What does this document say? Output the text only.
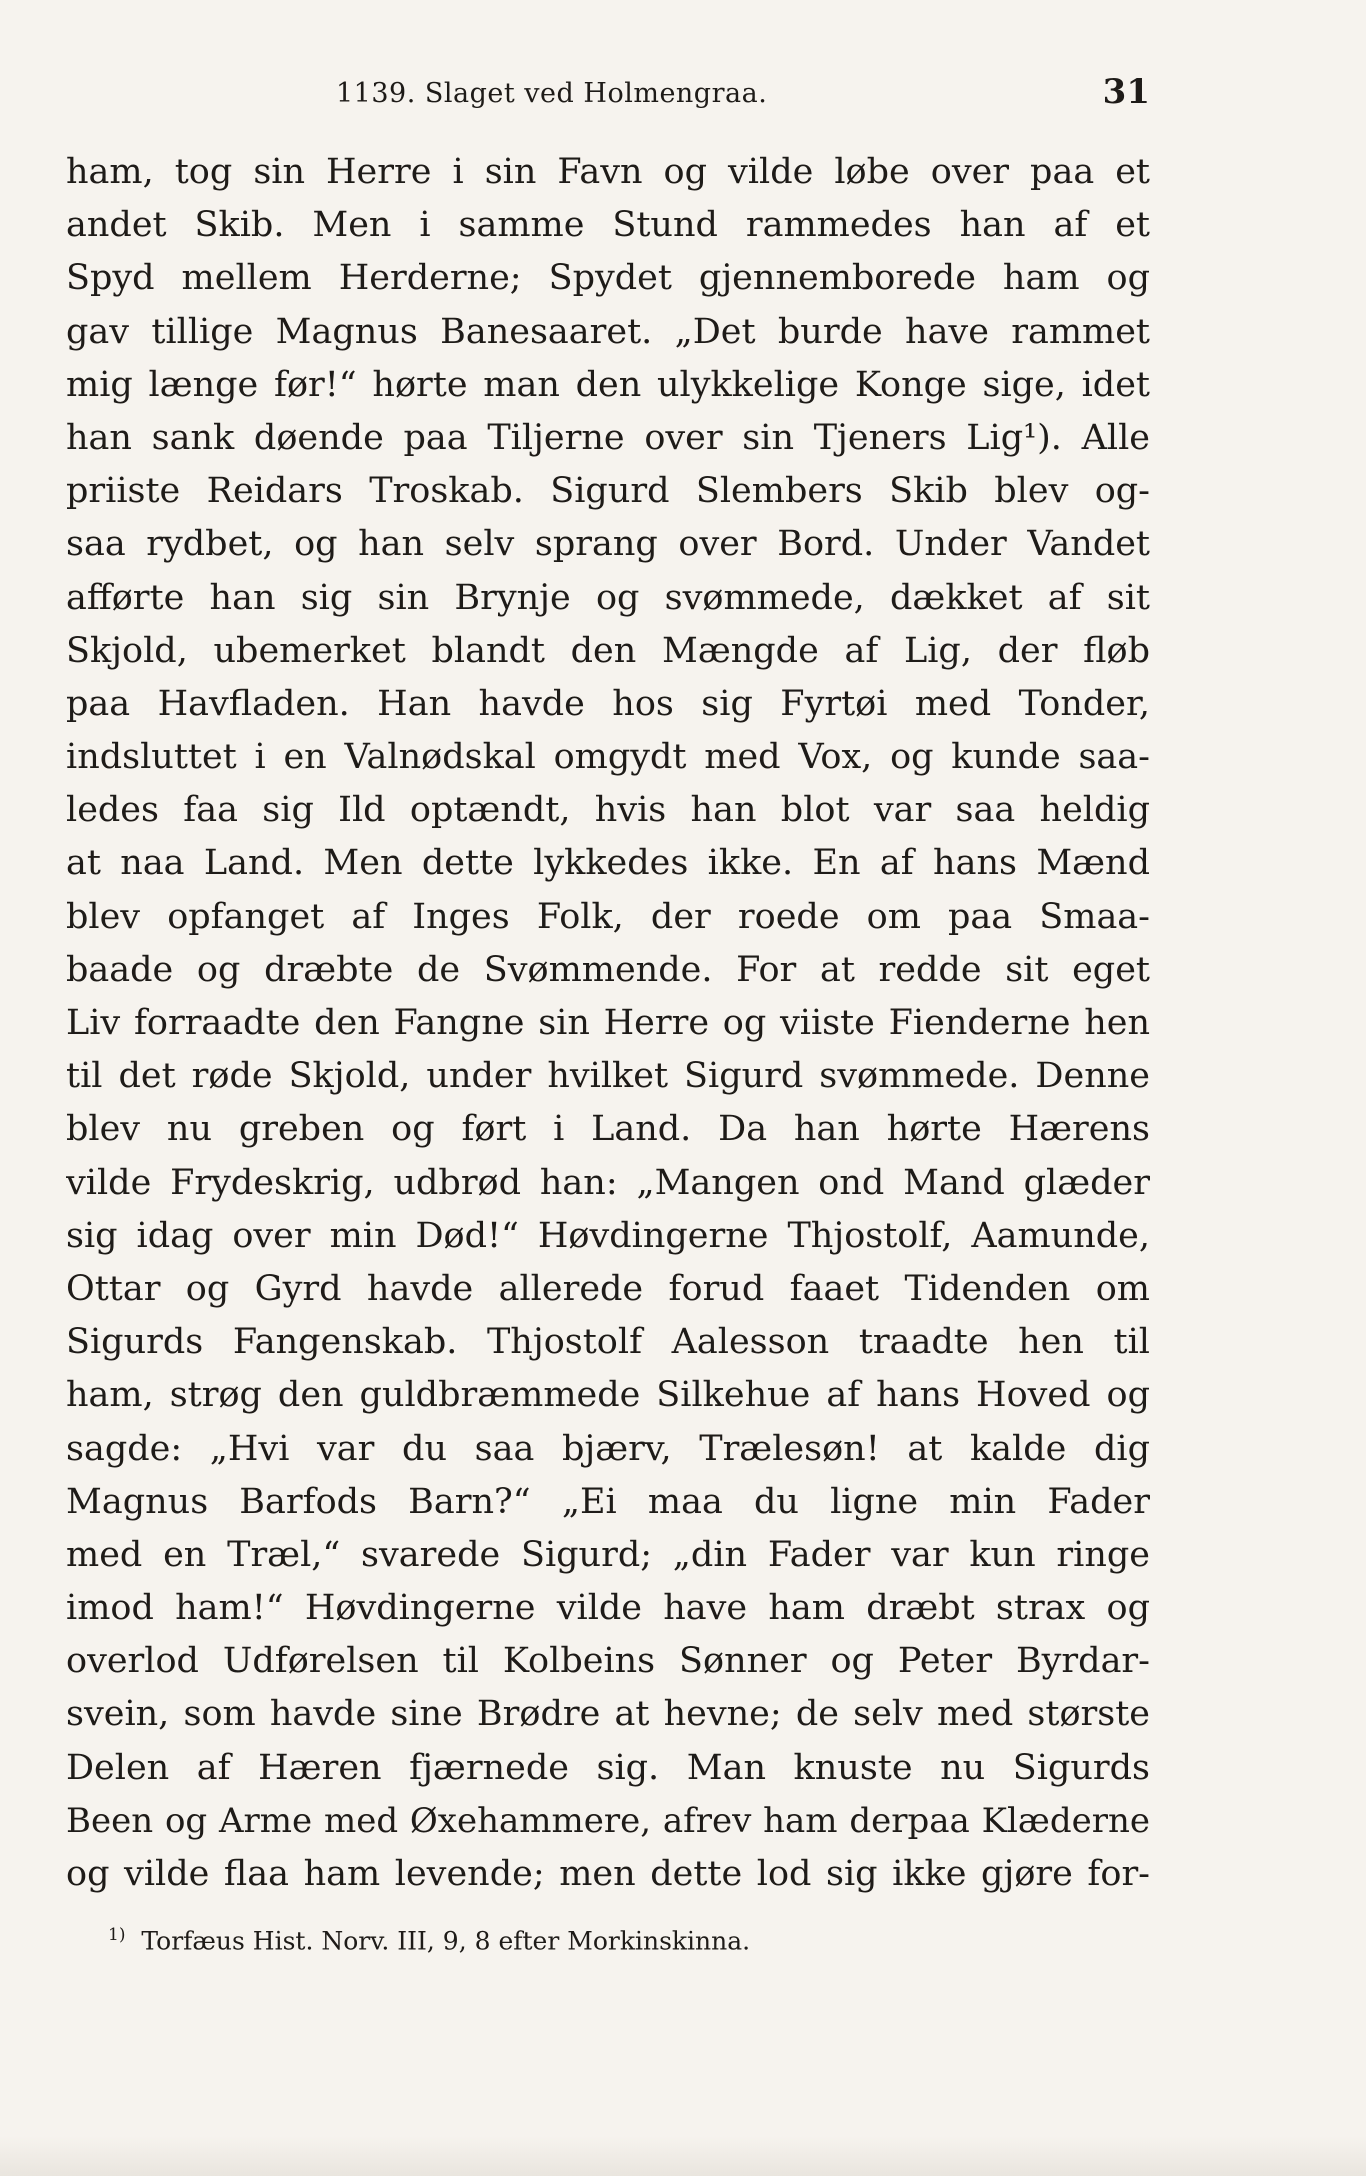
1139. Slaget ved Holmengraa.	31
ham, tog sin Herre i sin Favn og vilde løbe over paa et
andet Skib. Men i samme Stund rammedes han af et
Spyd mellem Herderne; Spydet gjennemborede ham og
gav tillige Magnus Banesaaret. „Det burde have rammet
mig længe før!“ hørte man den ulykkelige Konge sige, idet
han sank døende paa Tiljerne over sin Tjeners Lig¹). Alle
priiste Reidars Troskab. Sigurd Slembers Skib blev og-
saa rydbet, og han selv sprang over Bord. Under Vandet
afførte han sig sin Brynje og svømmede, dækket af sit
Skjold, ubemerket blandt den Mængde af Lig, der fløb
paa Havfladen. Han havde hos sig Fyrtøi med Tonder,
indsluttet i en Valnødskal omgydt med Vox, og kunde saa-
ledes faa sig Ild optændt, hvis han blot var saa heldig
at naa Land. Men dette lykkedes ikke. En af hans Mænd
blev opfanget af Inges Folk, der roede om paa Smaa-
baade og dræbte de Svømmende. For at redde sit eget
Liv forraadte den Fangne sin Herre og viiste Fienderne hen
til det røde Skjold, under hvilket Sigurd svømmede. Denne
blev nu greben og ført i Land. Da han hørte Hærens
vilde Frydeskrig, udbrød han: „Mangen ond Mand glæder
sig idag over min Død!“ Høvdingerne Thjostolf, Aamunde,
Ottar og Gyrd havde allerede forud faaet Tidenden om
Sigurds Fangenskab. Thjostolf Aalesson traadte hen til
ham, strøg den guldbræmmede Silkehue af hans Hoved og
sagde: „Hvi var du saa bjærv, Trælesøn! at kalde dig
Magnus Barfods Barn?“ „Ei maa du ligne min Fader
med en Træl,“ svarede Sigurd; „din Fader var kun ringe
imod ham!“ Høvdingerne vilde have ham dræbt strax og
overlod Udførelsen til Kolbeins Sønner og Peter Byrdar-
svein, som havde sine Brødre at hevne; de selv med største
Delen af Hæren fjærnede sig. Man knuste nu Sigurds
Been og Arme med Øxehammere, afrev ham derpaa Klæderne
og vilde flaa ham levende; men dette lod sig ikke gjøre for-
$^{1)}$ Torfæus Hist. Norv. III, 9, 8 efter Morkinskinna.
